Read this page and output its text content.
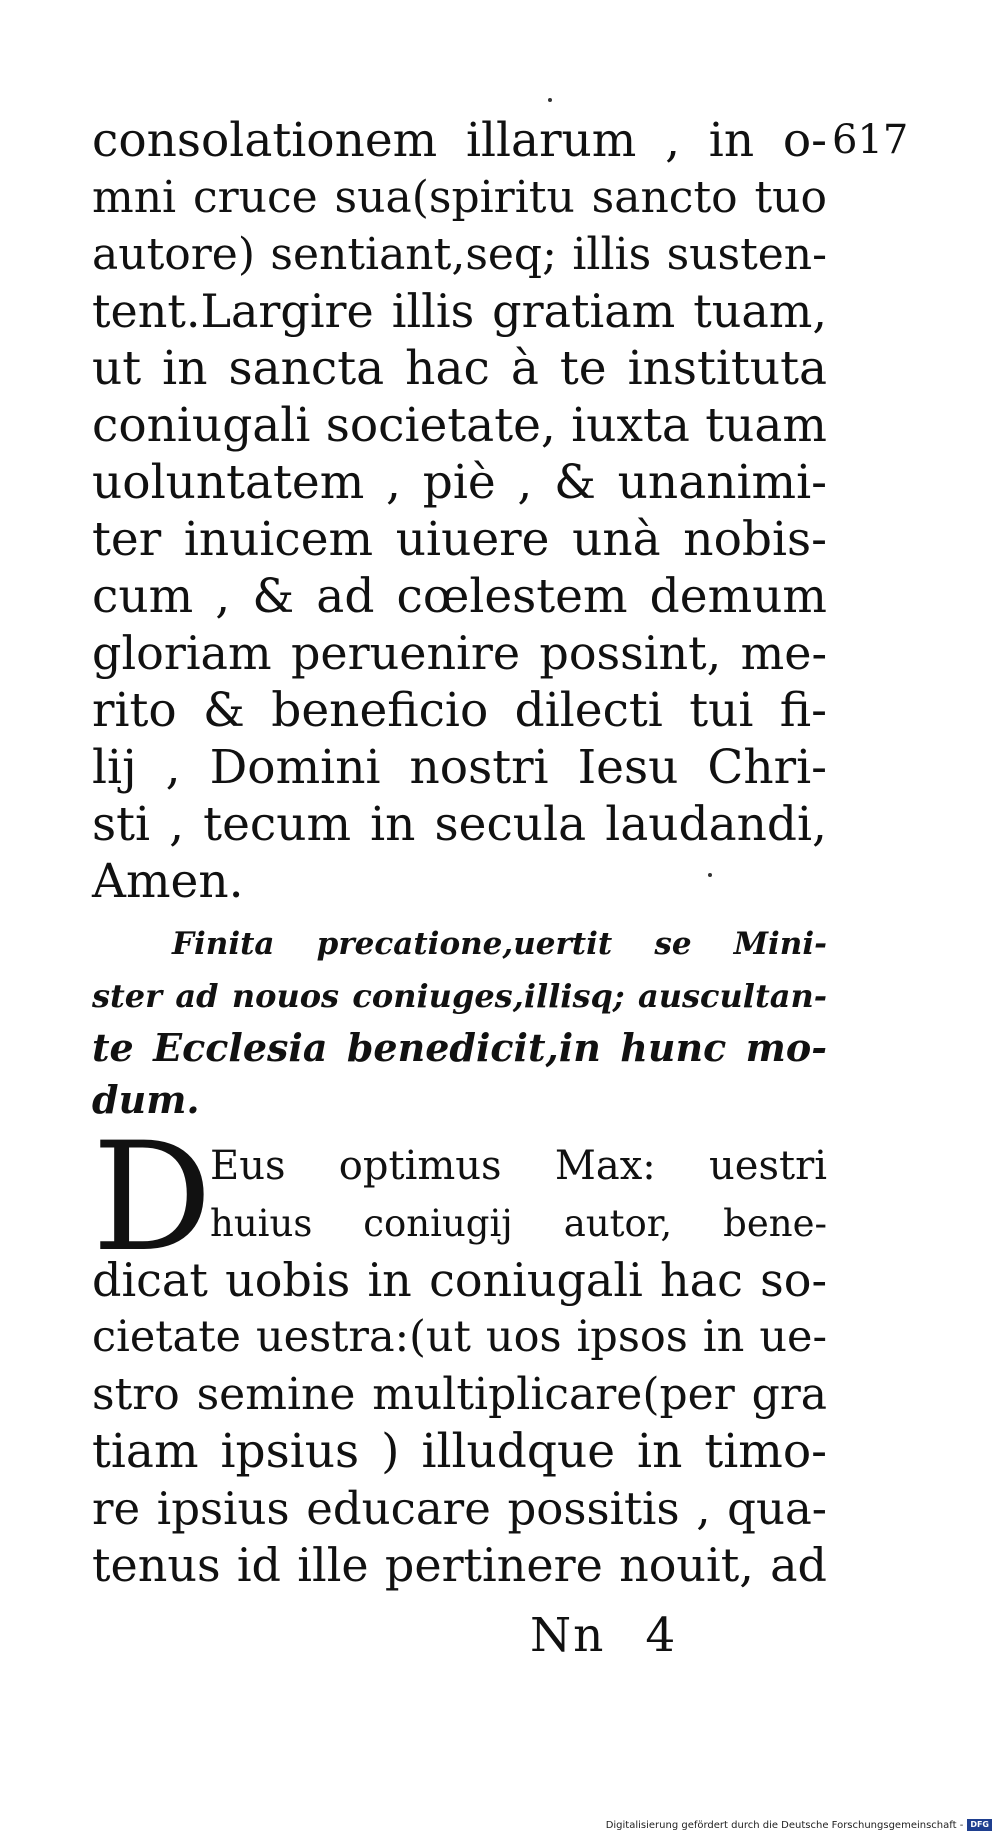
617
consolationem illarum , in o-
mni cruce sua(spiritu sancto tuo
autore) sentiant,seq; illis susten-
tent.Largire illis gratiam tuam,
ut in sancta hac à te instituta
coniugali societate, iuxta tuam
uoluntatem , piè , & unanimi-
ter inuicem uiuere unà nobis-
cum , & ad cœlestem demum
gloriam peruenire possint, me-
rito & beneficio dilecti tui fi-
lij , Domini nostri Iesu Chri-
sti , tecum in secula laudandi,
Amen.
Finita precatione,uertit se Mini-
ster ad nouos coniuges,illisq; auscultan-
te Ecclesia benedicit,in hunc mo-
dum.
D
Eus optimus Max: uestri
huius coniugij autor, bene-
dicat uobis in coniugali hac so-
cietate uestra:(ut uos ipsos in ue-
stro semine multiplicare(per gra
tiam ipsius ) illudque in timo-
re ipsius educare possitis , qua-
tenus id ille pertinere nouit, ad
Nn 4
Digitalisierung gefördert durch die Deutsche Forschungsgemeinschaft - DFG
